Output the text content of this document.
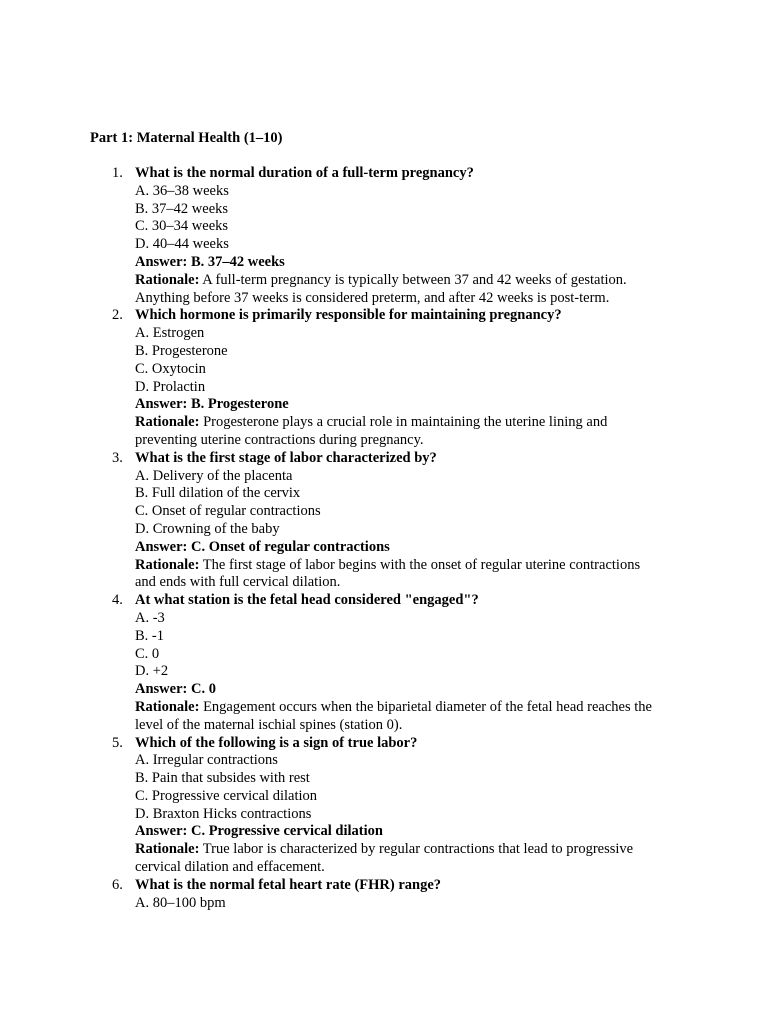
Part 1: Maternal Health (1–10)

1. What is the normal duration of a full-term pregnancy?
A. 36–38 weeks
B. 37–42 weeks
C. 30–34 weeks
D. 40–44 weeks
Answer: B. 37–42 weeks
Rationale: A full-term pregnancy is typically between 37 and 42 weeks of gestation.
Anything before 37 weeks is considered preterm, and after 42 weeks is post-term.
2. Which hormone is primarily responsible for maintaining pregnancy?
A. Estrogen
B. Progesterone
C. Oxytocin
D. Prolactin
Answer: B. Progesterone
Rationale: Progesterone plays a crucial role in maintaining the uterine lining and
preventing uterine contractions during pregnancy.
3. What is the first stage of labor characterized by?
A. Delivery of the placenta
B. Full dilation of the cervix
C. Onset of regular contractions
D. Crowning of the baby
Answer: C. Onset of regular contractions
Rationale: The first stage of labor begins with the onset of regular uterine contractions
and ends with full cervical dilation.
4. At what station is the fetal head considered "engaged"?
A. -3
B. -1
C. 0
D. +2
Answer: C. 0
Rationale: Engagement occurs when the biparietal diameter of the fetal head reaches the
level of the maternal ischial spines (station 0).
5. Which of the following is a sign of true labor?
A. Irregular contractions
B. Pain that subsides with rest
C. Progressive cervical dilation
D. Braxton Hicks contractions
Answer: C. Progressive cervical dilation
Rationale: True labor is characterized by regular contractions that lead to progressive
cervical dilation and effacement.
6. What is the normal fetal heart rate (FHR) range?
A. 80–100 bpm
